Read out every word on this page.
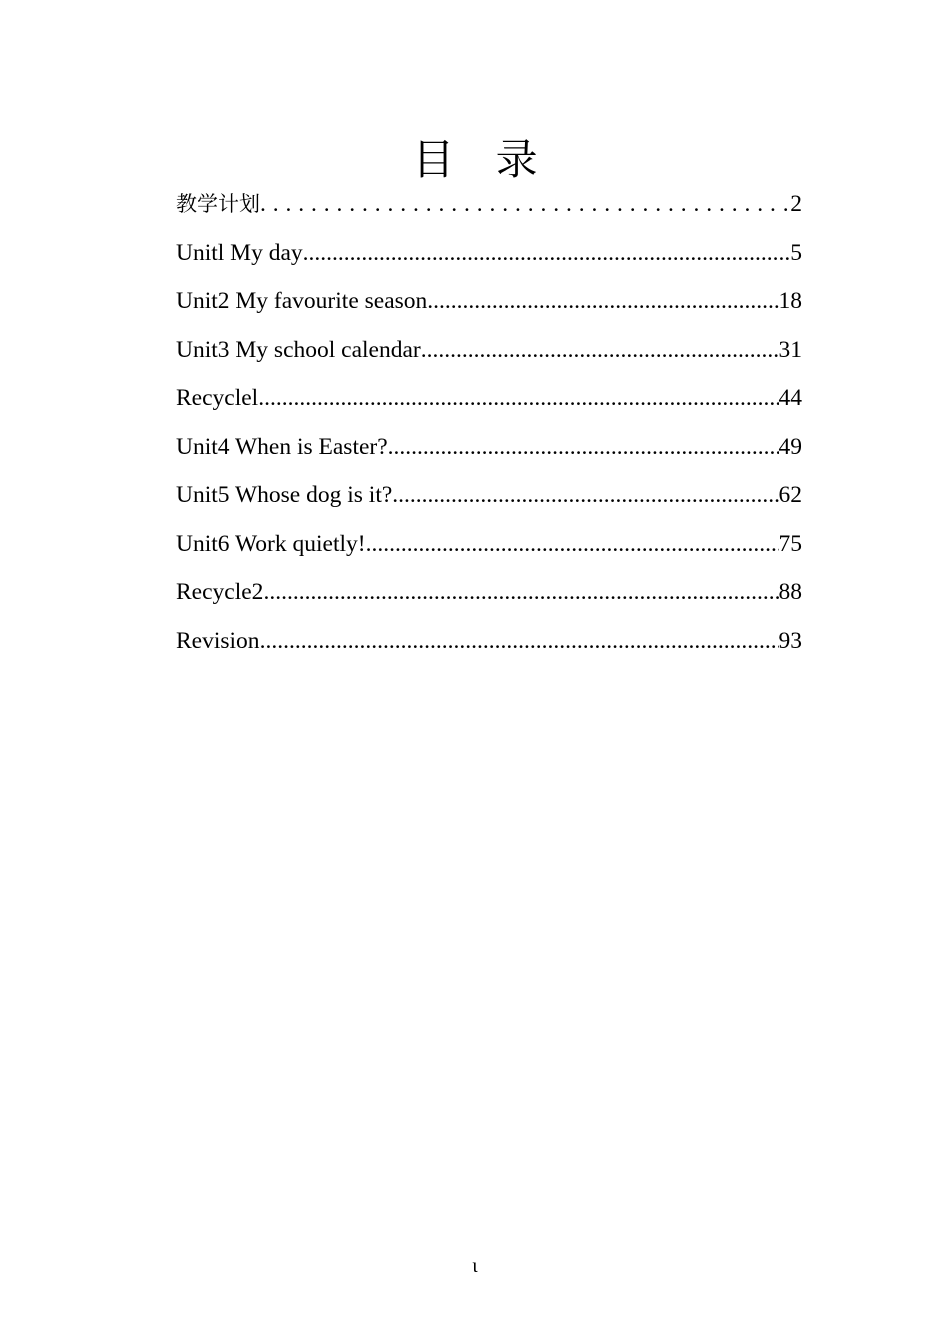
目 录
教学计划 . . .	2
Unitl My day .....	5
Unit2 My favourite season .....	18
Unit3 My school calendar .....	31
Recyclel .....	44
Unit4 When is Easter? .....	49
Unit5 Whose dog is it? .....	62
Unit6 Work quietly! .....	75
Recycle2 .....	88
Revision .....	93
ι
